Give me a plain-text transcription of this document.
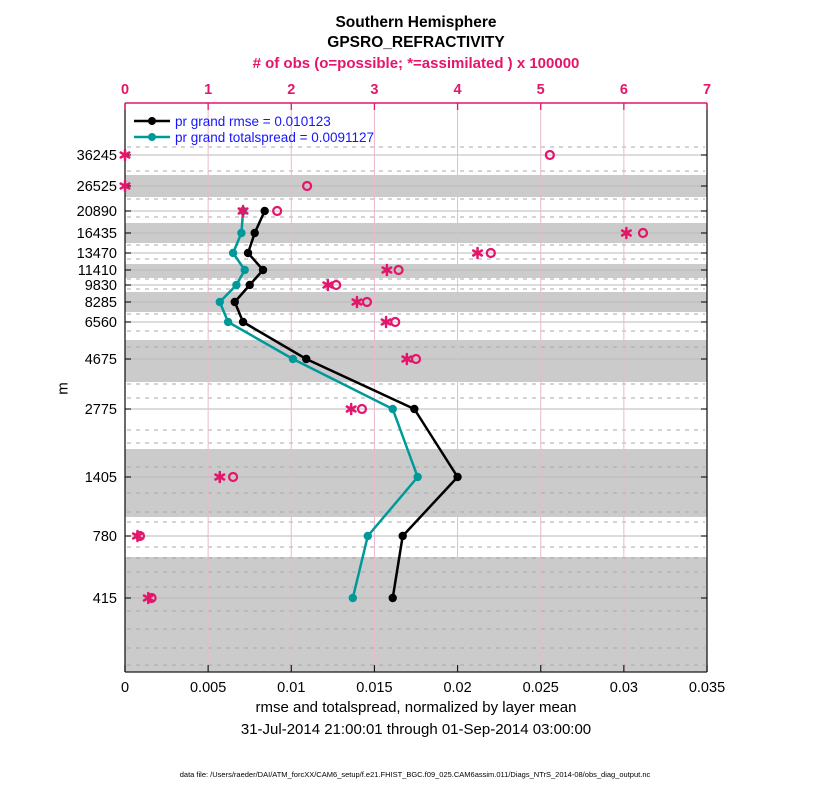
Southern Hemisphere
GPSRO_REFRACTIVITY
# of obs (o=possible; *=assimilated ) x 100000
0	1	2	3	4	5	6	7
0	0.005	0.01	0.015	0.02	0.025	0.03	0.035
36245
26525
20890
16435
13470
11410
9830
8285
6560
4675
2775
1405
780
415
pr grand rmse = 0.010123
pr grand totalspread = 0.0091127
m
rmse and totalspread, normalized by layer mean
31-Jul-2014 21:00:01 through 01-Sep-2014 03:00:00
data file: /Users/raeder/DAI/ATM_forcXX/CAM6_setup/f.e21.FHIST_BGC.f09_025.CAM6assim.011/Diags_NTrS_2014-08/obs_diag_output.nc
